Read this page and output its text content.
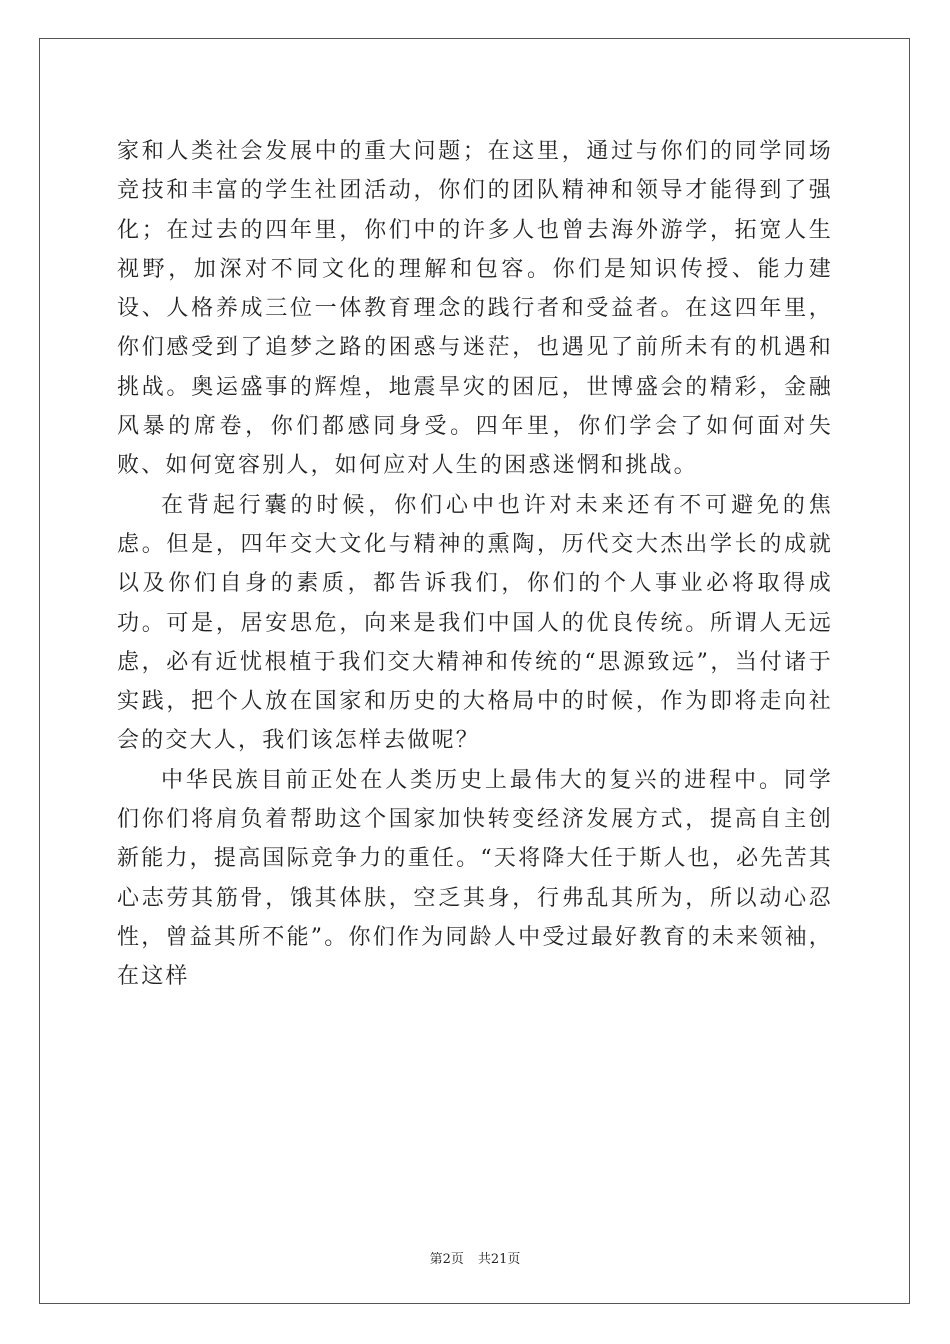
家和人类社会发展中的重大问题；在这里，通过与你们的同学同场竞技和丰富的学生社团活动，你们的团队精神和领导才能得到了强化；在过去的四年里，你们中的许多人也曾去海外游学，拓宽人生视野，加深对不同文化的理解和包容。你们是知识传授、能力建设、人格养成三位一体教育理念的践行者和受益者。在这四年里，你们感受到了追梦之路的困惑与迷茫，也遇见了前所未有的机遇和挑战。奥运盛事的辉煌，地震旱灾的困厄，世博盛会的精彩，金融风暴的席卷，你们都感同身受。四年里，你们学会了如何面对失败、如何宽容别人，如何应对人生的困惑迷惘和挑战。

在背起行囊的时候，你们心中也许对未来还有不可避免的焦虑。但是，四年交大文化与精神的熏陶，历代交大杰出学长的成就以及你们自身的素质，都告诉我们，你们的个人事业必将取得成功。可是，居安思危，向来是我们中国人的优良传统。所谓人无远虑，必有近忧根植于我们交大精神和传统的“思源致远”，当付诸于实践，把个人放在国家和历史的大格局中的时候，作为即将走向社会的交大人，我们该怎样去做呢？

中华民族目前正处在人类历史上最伟大的复兴的进程中。同学们你们将肩负着帮助这个国家加快转变经济发展方式，提高自主创新能力，提高国际竞争力的重任。“天将降大任于斯人也，必先苦其心志劳其筋骨，饿其体肤，空乏其身，行弗乱其所为，所以动心忍性，曾益其所不能”。你们作为同龄人中受过最好教育的未来领袖，在这样

第2页 共21页
